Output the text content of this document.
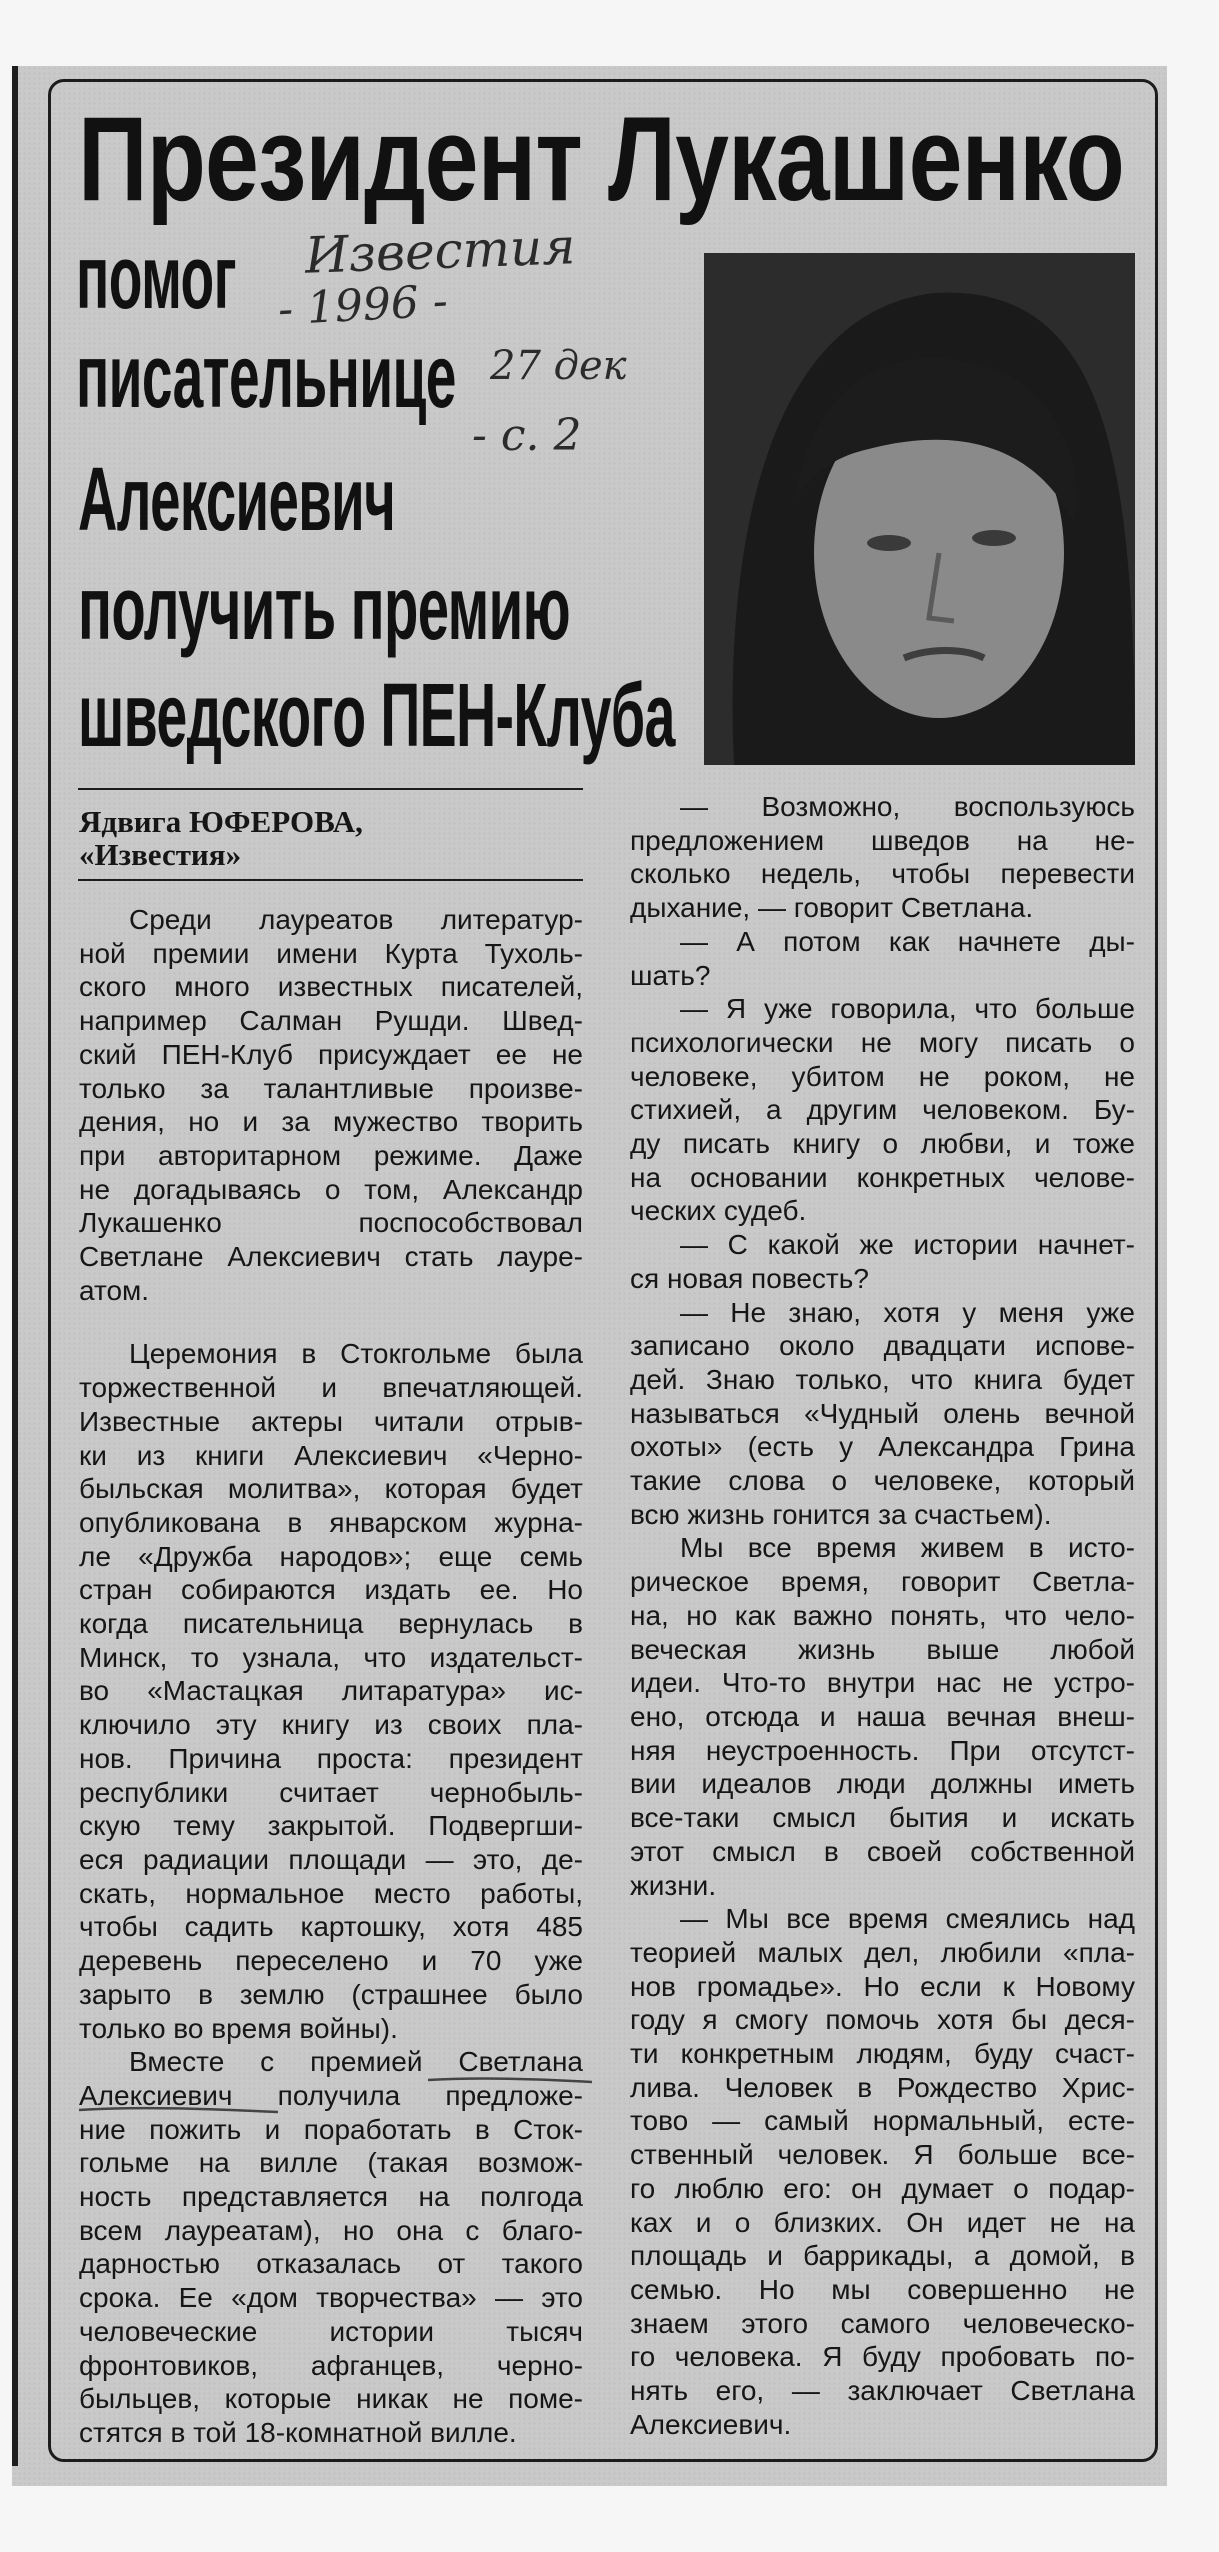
Президент Лукашенко
помог
писательнице
Алексиевич
получить премию
шведского ПЕН-Клуба
Известия
- 1996 -
27 дек
- с. 2
Ядвига ЮФЕРОВА,
«Известия»
Среди лауреатов литератур-
ной премии имени Курта Тухоль-
ского много известных писателей,
например Салман Рушди. Швед-
ский ПЕН-Клуб присуждает ее не
только за талантливые произве-
дения, но и за мужество творить
при авторитарном режиме. Даже
не догадываясь о том, Александр
Лукашенко поспособствовал
Светлане Алексиевич стать лауре-
атом.
Церемония в Стокгольме была
торжественной и впечатляющей.
Известные актеры читали отрыв-
ки из книги Алексиевич «Черно-
быльская молитва», которая будет
опубликована в январском журна-
ле «Дружба народов»; еще семь
стран собираются издать ее. Но
когда писательница вернулась в
Минск, то узнала, что издательст-
во «Мастацкая литаратура» ис-
ключило эту книгу из своих пла-
нов. Причина проста: президент
республики считает чернобыль-
скую тему закрытой. Подвергши-
еся радиации площади — это, де-
скать, нормальное место работы,
чтобы садить картошку, хотя 485
деревень переселено и 70 уже
зарыто в землю (страшнее было
только во время войны).
Вместе с премией Светлана
Алексиевич получила предложе-
ние пожить и поработать в Сток-
гольме на вилле (такая возмож-
ность представляется на полгода
всем лауреатам), но она с благо-
дарностью отказалась от такого
срока. Ее «дом творчества» — это
человеческие истории тысяч
фронтовиков, афганцев, черно-
быльцев, которые никак не поме-
стятся в той 18-комнатной вилле.
— Возможно, воспользуюсь
предложением шведов на не-
сколько недель, чтобы перевести
дыхание, — говорит Светлана.
— А потом как начнете ды-
шать?
— Я уже говорила, что больше
психологически не могу писать о
человеке, убитом не роком, не
стихией, а другим человеком. Бу-
ду писать книгу о любви, и тоже
на основании конкретных челове-
ческих судеб.
— С какой же истории начнет-
ся новая повесть?
— Не знаю, хотя у меня уже
записано около двадцати испове-
дей. Знаю только, что книга будет
называться «Чудный олень вечной
охоты» (есть у Александра Грина
такие слова о человеке, который
всю жизнь гонится за счастьем).
Мы все время живем в исто-
рическое время, говорит Светла-
на, но как важно понять, что чело-
веческая жизнь выше любой
идеи. Что-то внутри нас не устро-
ено, отсюда и наша вечная внеш-
няя неустроенность. При отсутст-
вии идеалов люди должны иметь
все-таки смысл бытия и искать
этот смысл в своей собственной
жизни.
— Мы все время смеялись над
теорией малых дел, любили «пла-
нов громадье». Но если к Новому
году я смогу помочь хотя бы деся-
ти конкретным людям, буду счаст-
лива. Человек в Рождество Хрис-
тово — самый нормальный, есте-
ственный человек. Я больше все-
го люблю его: он думает о подар-
ках и о близких. Он идет не на
площадь и баррикады, а домой, в
семью. Но мы совершенно не
знаем этого самого человеческо-
го человека. Я буду пробовать по-
нять его, — заключает Светлана
Алексиевич.
